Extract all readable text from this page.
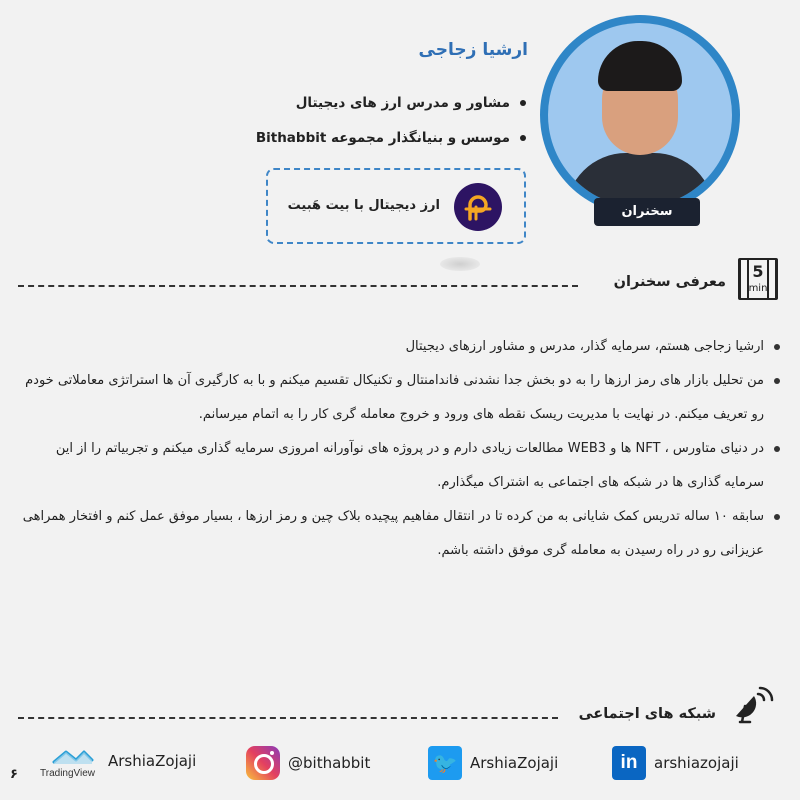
ارشیا زجاجی
مشاور و مدرس ارز های دیجیتال
موسس و بنیانگذار مجموعه Bithabbit
ارز دیجیتال با بیت هَبیت	سخنران
معرفی سخنران
5
min
ارشیا زجاجی هستم، سرمایه گذار، مدرس و مشاور ارزهای دیجیتال
من تحلیل بازار های رمز ارزها را به دو بخش جدا نشدنی فاندامنتال و تکنیکال تقسیم میکنم و با به کارگیری آن ها استراتژی معاملاتی خودم رو تعریف میکنم. در نهایت با مدیریت ریسک نقطه های ورود و خروج معامله گری کار را به اتمام میرسانم.
در دنیای متاورس ، NFT ها و WEB3 مطالعات زیادی دارم و در پروژه های نوآورانه امروزی سرمایه گذاری میکنم و تجربیاتم را از این سرمایه گذاری ها در شبکه های اجتماعی به اشتراک میگذارم.
سابقه ۱۰ ساله تدریس کمک شایانی به من کرده تا در انتقال مفاهیم پیچیده بلاک چین و رمز ارزها ، بسیار موفق عمل کنم و افتخار همراهی عزیزانی رو در راه رسیدن به معامله گری موفق داشته باشم.
شبکه های اجتماعی
۶ TradingView
ArshiaZojaji	@bithabbit	🐦 ArshiaZojaji	in	arshiazojaji
